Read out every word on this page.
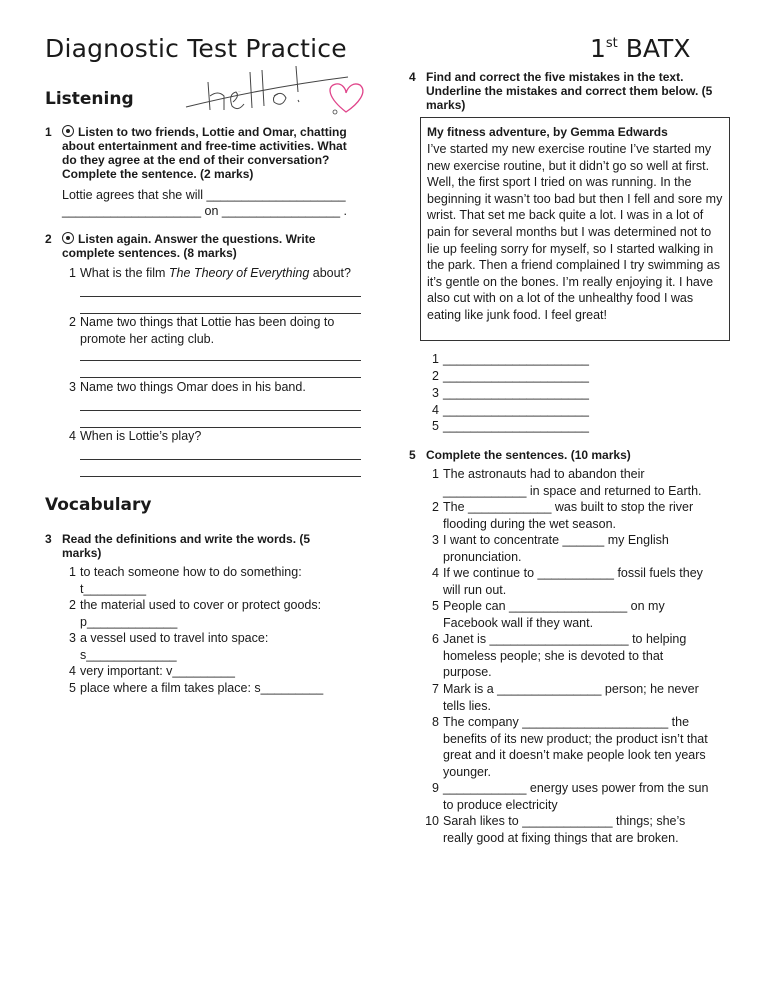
Diagnostic Test Practice	1st BATX
Listening	Hello!
1 Listen to two friends, Lottie and Omar, chatting about entertainment and free-time activities. What do they agree at the end of their conversation? Complete the sentence. (2 marks)
Lottie agrees that she will ____________________
____________________ on _________________ .
2 Listen again. Answer the questions. Write complete sentences. (8 marks)
1 What is the film The Theory of Everything about?
2 Name two things that Lottie has been doing to promote her acting club.
3 Name two things Omar does in his band.
4 When is Lottie’s play?
Vocabulary
3 Read the definitions and write the words. (5 marks)
1 to teach someone how to do something:
t_________
2 the material used to cover or protect goods:
p_____________
3 a vessel used to travel into space:
s_____________
4 very important: v_________
5 place where a film takes place: s_________
4 Find and correct the five mistakes in the text. Underline the mistakes and correct them below. (5 marks)
My fitness adventure, by Gemma Edwards
I’ve started my new exercise routine I’ve started my new exercise routine, but it didn’t go so well at first. Well, the first sport I tried on was running. In the beginning it wasn’t too bad but then I fell and sore my wrist. That set me back quite a lot. I was in a lot of pain for several months but I was determined not to lie up feeling sorry for myself, so I started walking in the park. Then a friend complained I try swimming as it’s gentle on the bones. I’m really enjoying it. I have also cut with on a lot of the unhealthy food I was eating like junk food. I feel great!
1 _____________________
2 _____________________
3 _____________________
4 _____________________
5 _____________________
5 Complete the sentences. (10 marks)
1 The astronauts had to abandon their
____________ in space and returned to Earth.
2 The ____________ was built to stop the river
flooding during the wet season.
3 I want to concentrate ______ my English
pronunciation.
4 If we continue to ___________ fossil fuels they
will run out.
5 People can _________________ on my
Facebook wall if they want.
6 Janet is ____________________ to helping
homeless people; she is devoted to that
purpose.
7 Mark is a _______________ person; he never
tells lies.
8 The company _____________________ the
benefits of its new product; the product isn’t that
great and it doesn’t make people look ten years
younger.
9 ____________ energy uses power from the sun
to produce electricity
10 Sarah likes to _____________ things; she’s
really good at fixing things that are broken.
